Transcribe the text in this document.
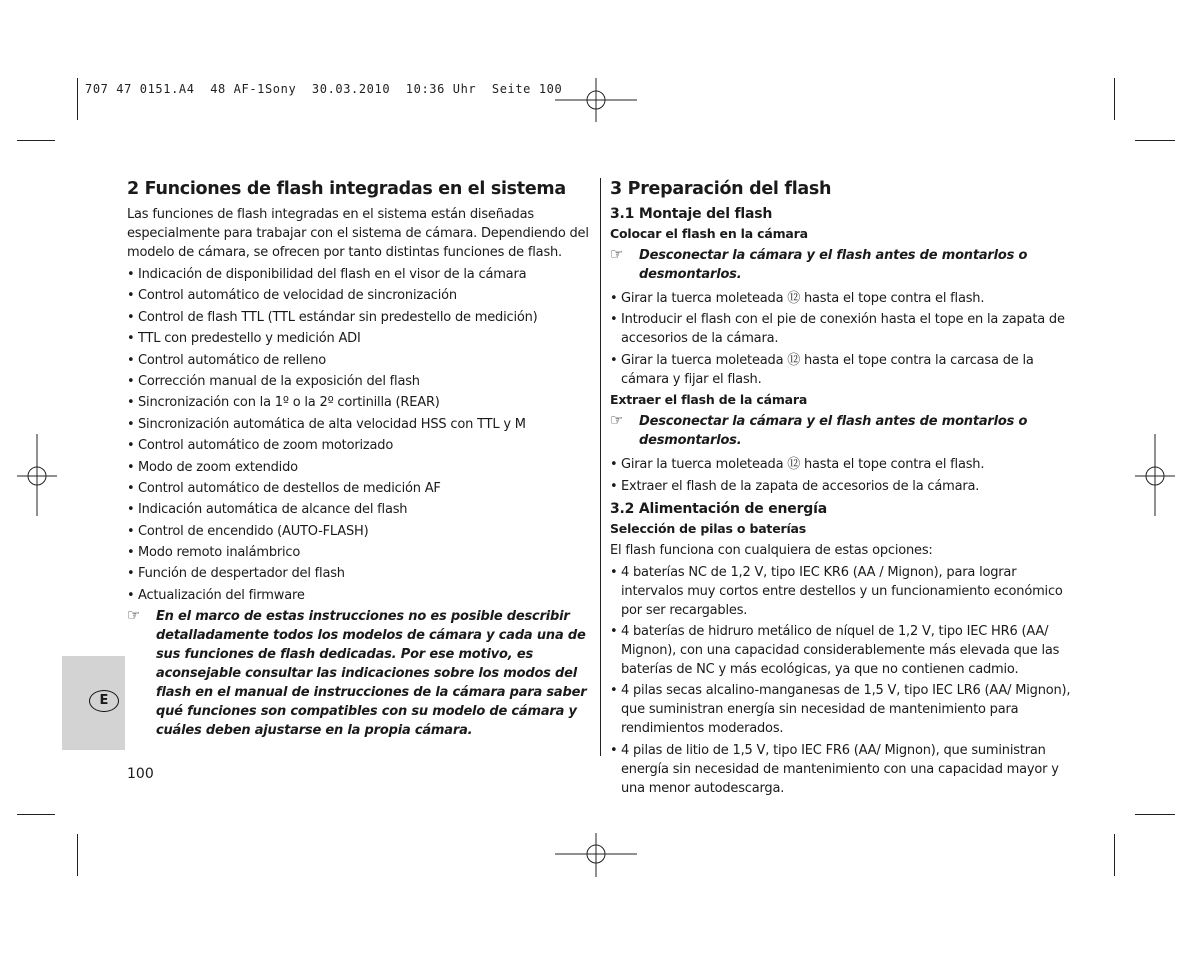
707 47 0151.A4  48 AF-1Sony  30.03.2010  10:36 Uhr  Seite 100
2 Funciones de flash integradas en el sistema

Las funciones de flash integradas en el sistema están diseñadas especialmente para trabajar con el sistema de cámara. Dependiendo del modelo de cámara, se ofrecen por tanto distintas funciones de flash.

• Indicación de disponibilidad del flash en el visor de la cámara
• Control automático de velocidad de sincronización
• Control de flash TTL (TTL estándar sin predestello de medición)
• TTL con predestello y medición ADI
• Control automático de relleno
• Corrección manual de la exposición del flash
• Sincronización con la 1º o la 2º cortinilla (REAR)
• Sincronización automática de alta velocidad HSS con TTL y M
• Control automático de zoom motorizado
• Modo de zoom extendido
• Control automático de destellos de medición AF
• Indicación automática de alcance del flash
• Control de encendido (AUTO-FLASH)
• Modo remoto inalámbrico
• Función de despertador del flash
• Actualización del firmware
☞ En el marco de estas instrucciones no es posible describir detalladamente todos los modelos de cámara y cada una de sus funciones de flash dedicadas. Por ese motivo, es aconsejable consultar las indicaciones sobre los modos del flash en el manual de instrucciones de la cámara para saber qué funciones son compatibles con su modelo de cámara y cuáles deben ajustarse en la propia cámara.
3 Preparación del flash
3.1 Montaje del flash
Colocar el flash en la cámara
☞ Desconectar la cámara y el flash antes de montarlos o desmontarlos.
• Girar la tuerca moleteada ⑫ hasta el tope contra el flash.
• Introducir el flash con el pie de conexión hasta el tope en la zapata de accesorios de la cámara.
• Girar la tuerca moleteada ⑫ hasta el tope contra la carcasa de la cámara y fijar el flash.
Extraer el flash de la cámara
☞ Desconectar la cámara y el flash antes de montarlos o desmontarlos.
• Girar la tuerca moleteada ⑫ hasta el tope contra el flash.
• Extraer el flash de la zapata de accesorios de la cámara.
3.2 Alimentación de energía
Selección de pilas o baterías

El flash funciona con cualquiera de estas opciones:

• 4 baterías NC de 1,2 V, tipo IEC KR6 (AA / Mignon), para lograr intervalos muy cortos entre destellos y un funcionamiento económico por ser recargables.
• 4 baterías de hidruro metálico de níquel de 1,2 V, tipo IEC HR6 (AA/ Mignon), con una capacidad considerablemente más elevada que las baterías de NC y más ecológicas, ya que no contienen cadmio.
• 4 pilas secas alcalino-manganesas de 1,5 V, tipo IEC LR6 (AA/ Mignon), que suministran energía sin necesidad de mantenimiento para rendimientos moderados.
• 4 pilas de litio de 1,5 V, tipo IEC FR6 (AA/ Mignon), que suministran energía sin necesidad de mantenimiento con una capacidad mayor y una menor autodescarga.
E
100
